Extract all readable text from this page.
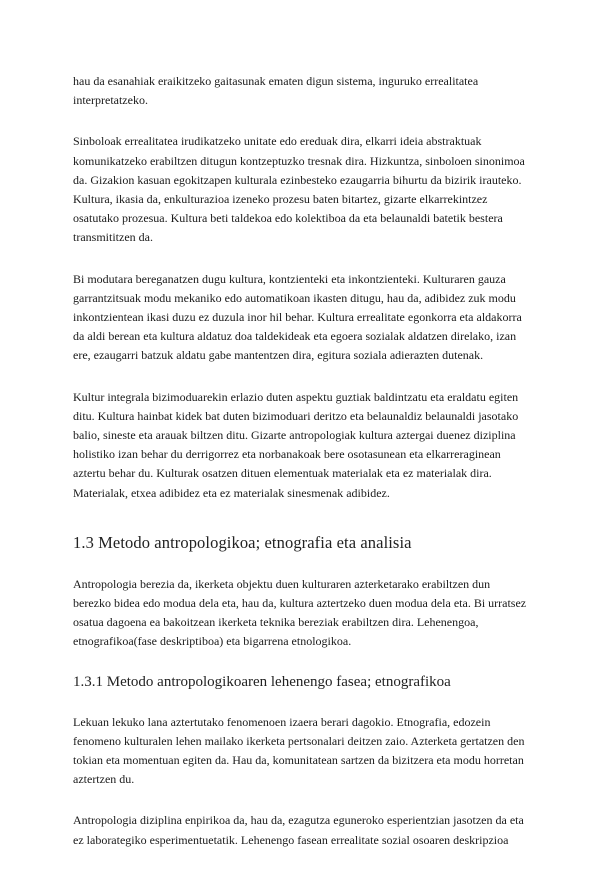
hau da esanahiak eraikitzeko gaitasunak ematen digun sistema, inguruko errealitatea interpretatzeko.

Sinboloak errealitatea irudikatzeko unitate edo ereduak dira, elkarri ideia abstraktuak komunikatzeko erabiltzen ditugun kontzeptuzko tresnak dira. Hizkuntza, sinboloen sinonimoa da. Gizakion kasuan egokitzapen kulturala ezinbesteko ezaugarria bihurtu da bizirik irauteko. Kultura, ikasia da, enkulturazioa izeneko prozesu baten bitartez, gizarte elkarrekintzez osatutako prozesua. Kultura beti taldekoa edo kolektiboa da eta belaunaldi batetik bestera transmititzen da.

Bi modutara bereganatzen dugu kultura, kontzienteki eta inkontzienteki. Kulturaren gauza garrantzitsuak modu mekaniko edo automatikoan ikasten ditugu, hau da, adibidez zuk modu inkontzientean ikasi duzu ez duzula inor hil behar. Kultura errealitate egonkorra eta aldakorra da aldi berean eta kultura aldatuz doa taldekideak eta egoera sozialak aldatzen direlako, izan ere, ezaugarri batzuk aldatu gabe mantentzen dira, egitura soziala adierazten dutenak.

Kultur integrala bizimoduarekin erlazio duten aspektu guztiak baldintzatu eta eraldatu egiten ditu. Kultura hainbat kidek bat duten bizimoduari deritzo eta belaunaldiz belaunaldi jasotako balio, sineste eta arauak biltzen ditu. Gizarte antropologiak kultura aztergai duenez diziplina holistiko izan behar du derrigorrez eta norbanakoak bere osotasunean eta elkarreraginean aztertu behar du. Kulturak osatzen dituen elementuak materialak eta ez materialak dira. Materialak, etxea adibidez eta ez materialak sinesmenak adibidez.

1.3 Metodo antropologikoa; etnografia eta analisia

Antropologia berezia da, ikerketa objektu duen kulturaren azterketarako erabiltzen dun berezko bidea edo modua dela eta, hau da, kultura aztertzeko duen modua dela eta. Bi urratsez osatua dagoena ea bakoitzean ikerketa teknika bereziak erabiltzen dira. Lehenengoa, etnografikoa(fase deskriptiboa) eta bigarrena etnologikoa.

1.3.1 Metodo antropologikoaren lehenengo fasea; etnografikoa

Lekuan lekuko lana aztertutako fenomenoen izaera berari dagokio. Etnografia, edozein fenomeno kulturalen lehen mailako ikerketa pertsonalari deitzen zaio. Azterketa gertatzen den tokian eta momentuan egiten da. Hau da, komunitatean sartzen da bizitzera eta modu horretan aztertzen du.

Antropologia diziplina enpirikoa da, hau da, ezagutza eguneroko esperientzian jasotzen da eta ez laborategiko esperimentuetatik. Lehenengo fasean errealitate sozial osoaren deskripzioa
